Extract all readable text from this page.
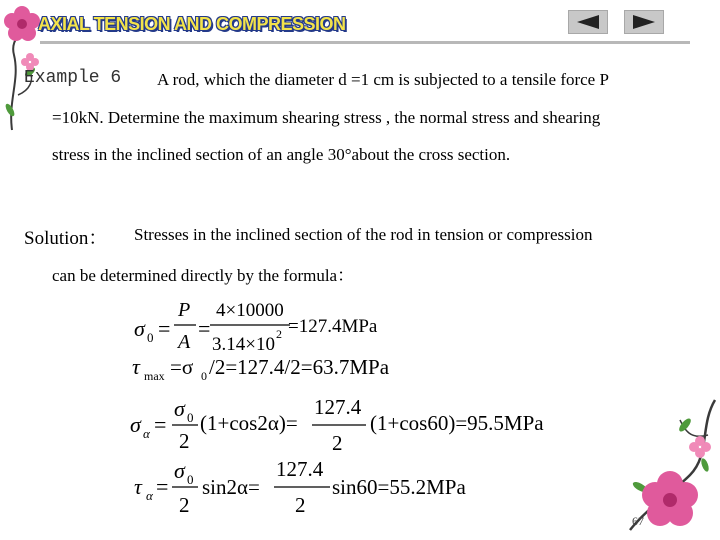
AXIAL TENSION AND COMPRESSION
Example 6 A rod, which the diameter d =1 cm is subjected to a tensile force P
=10kN. Determine the maximum shearing stress , the normal stress and shearing
stress in the inclined section of an angle 30°about the cross section.
Solution： Stresses in the inclined section of the rod in tension or compression
can be determined directly by the formula：
σ 0 =
P
A
=
4×10000
3.14×10 2 =127.4MPa
τ max =σ 0 /2=127.4/2=63.7MPa
σ α =
σ 0
2
(1+cos2α)=
127.4
2
(1+cos60)=95.5MPa
τ α =
σ 0
2
sin2α=
127.4
2
sin60=55.2MPa
67
